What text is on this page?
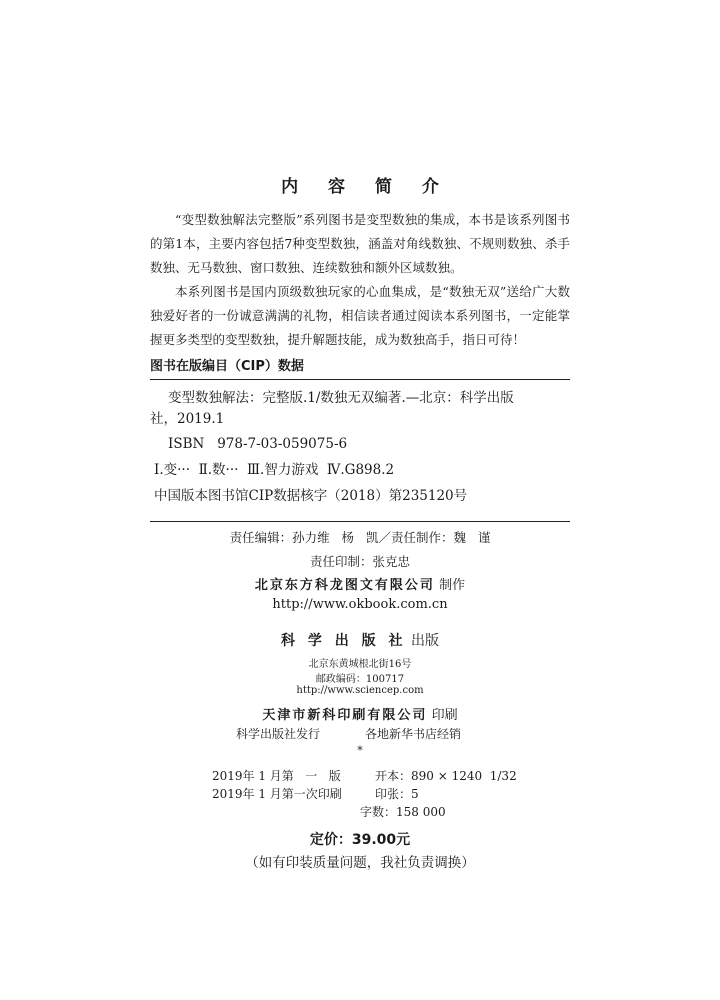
内 容 简 介

“变型数独解法完整版”系列图书是变型数独的集成，本书是该系列图书的第1本，主要内容包括7种变型数独，涵盖对角线数独、不规则数独、杀手数独、无马数独、窗口数独、连续数独和额外区域数独。

本系列图书是国内顶级数独玩家的心血集成，是“数独无双”送给广大数独爱好者的一份诚意满满的礼物，相信读者通过阅读本系列图书，一定能掌握更多类型的变型数独，提升解题技能，成为数独高手，指日可待！

图书在版编目（CIP）数据
变型数独解法：完整版.1/数独无双编著.—北京：科学出版
社，2019.1
ISBN   978-7-03-059075-6
Ⅰ.变···  Ⅱ.数···  Ⅲ.智力游戏  Ⅳ.G898.2
中国版本图书馆CIP数据核字（2018）第235120号
责任编辑：孙力维   杨   凯／责任制作：魏   谨
责任印制：张克忠
北京东方科龙图文有限公司 制作
http://www.okbook.com.cn
科 学 出 版 社 出版
北京东黄城根北街16号
邮政编码：100717
http://www.sciencep.com
天津市新科印刷有限公司 印刷
科学出版社发行	各地新华书店经销
*
2019年 1 月第   一   版	开本：890 × 1240  1/32
2019年 1 月第一次印刷	印张：5
字数：158 000
定价：39.00元
（如有印装质量问题，我社负责调换）
